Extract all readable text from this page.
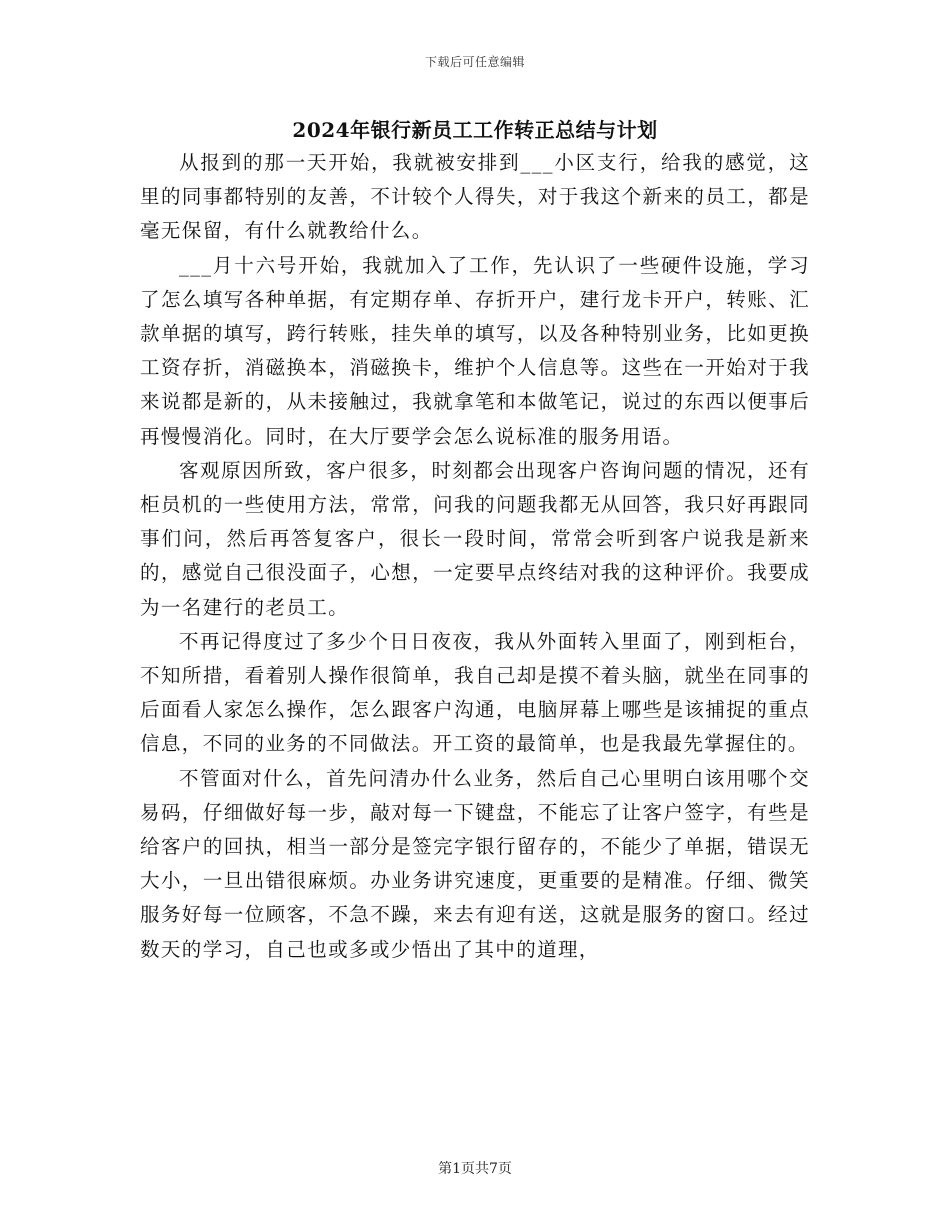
下载后可任意编辑
2024年银行新员工工作转正总结与计划

从报到的那一天开始，我就被安排到___小区支行，给我的感觉，这里的同事都特别的友善，不计较个人得失，对于我这个新来的员工，都是毫无保留，有什么就教给什么。

___月十六号开始，我就加入了工作，先认识了一些硬件设施，学习了怎么填写各种单据，有定期存单、存折开户，建行龙卡开户，转账、汇款单据的填写，跨行转账，挂失单的填写，以及各种特别业务，比如更换工资存折，消磁换本，消磁换卡，维护个人信息等。这些在一开始对于我来说都是新的，从未接触过，我就拿笔和本做笔记，说过的东西以便事后再慢慢消化。同时，在大厅要学会怎么说标准的服务用语。

客观原因所致，客户很多，时刻都会出现客户咨询问题的情况，还有柜员机的一些使用方法，常常，问我的问题我都无从回答，我只好再跟同事们问，然后再答复客户，很长一段时间，常常会听到客户说我是新来的，感觉自己很没面子，心想，一定要早点终结对我的这种评价。我要成为一名建行的老员工。

不再记得度过了多少个日日夜夜，我从外面转入里面了，刚到柜台，不知所措，看着别人操作很简单，我自己却是摸不着头脑，就坐在同事的后面看人家怎么操作，怎么跟客户沟通，电脑屏幕上哪些是该捕捉的重点信息，不同的业务的不同做法。开工资的最简单，也是我最先掌握住的。

不管面对什么，首先问清办什么业务，然后自己心里明白该用哪个交易码，仔细做好每一步，敲对每一下键盘，不能忘了让客户签字，有些是给客户的回执，相当一部分是签完字银行留存的，不能少了单据，错误无大小，一旦出错很麻烦。办业务讲究速度，更重要的是精准。仔细、微笑服务好每一位顾客，不急不躁，来去有迎有送，这就是服务的窗口。经过数天的学习，自己也或多或少悟出了其中的道理，

第1页共7页
